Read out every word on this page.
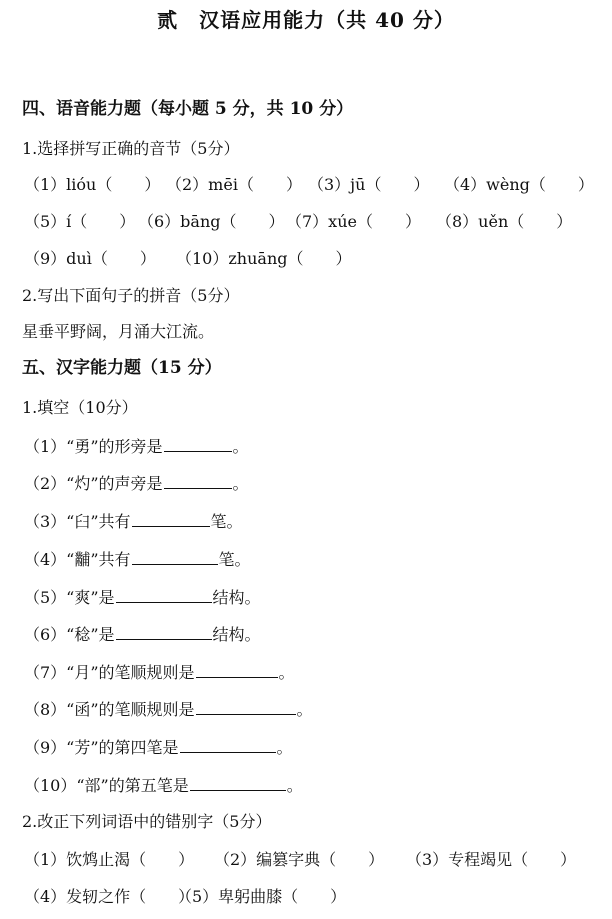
贰　汉语应用能力（共 40 分）
四、语音能力题（每小题 5 分，共 10 分）
1.选择拼写正确的音节（5分）
（1）lióu（　　） （2）mēi（　　） （3）jū（　　） （4）wèng（　　）
（5）í（　　） （6）bāng（　　）（7）xúe（　　） （8）uěn（　　）
（9）duì（　　） （10）zhuāng（　　）
2.写出下面句子的拼音（5分）
星垂平野阔，月涌大江流。
五、汉字能力题（15 分）
1.填空（10分）
（1）“勇”的形旁是	。
（2）“灼”的声旁是	。
（3）“臼”共有	笔。
（4）“黼”共有	笔。
（5）“爽”是	结构。
（6）“稔”是	结构。
（7）“月”的笔顺规则是	。
（8）“函”的笔顺规则是	。
（9）“芳”的第四笔是	。
（10）“部”的第五笔是	。
2.改正下列词语中的错别字（5分）
（1）饮鸩止渴（　　） （2）编篡字典（　　） （3）专程竭见（　　）
（4）发轫之作（　　）（5）卑躬曲膝（　　）
